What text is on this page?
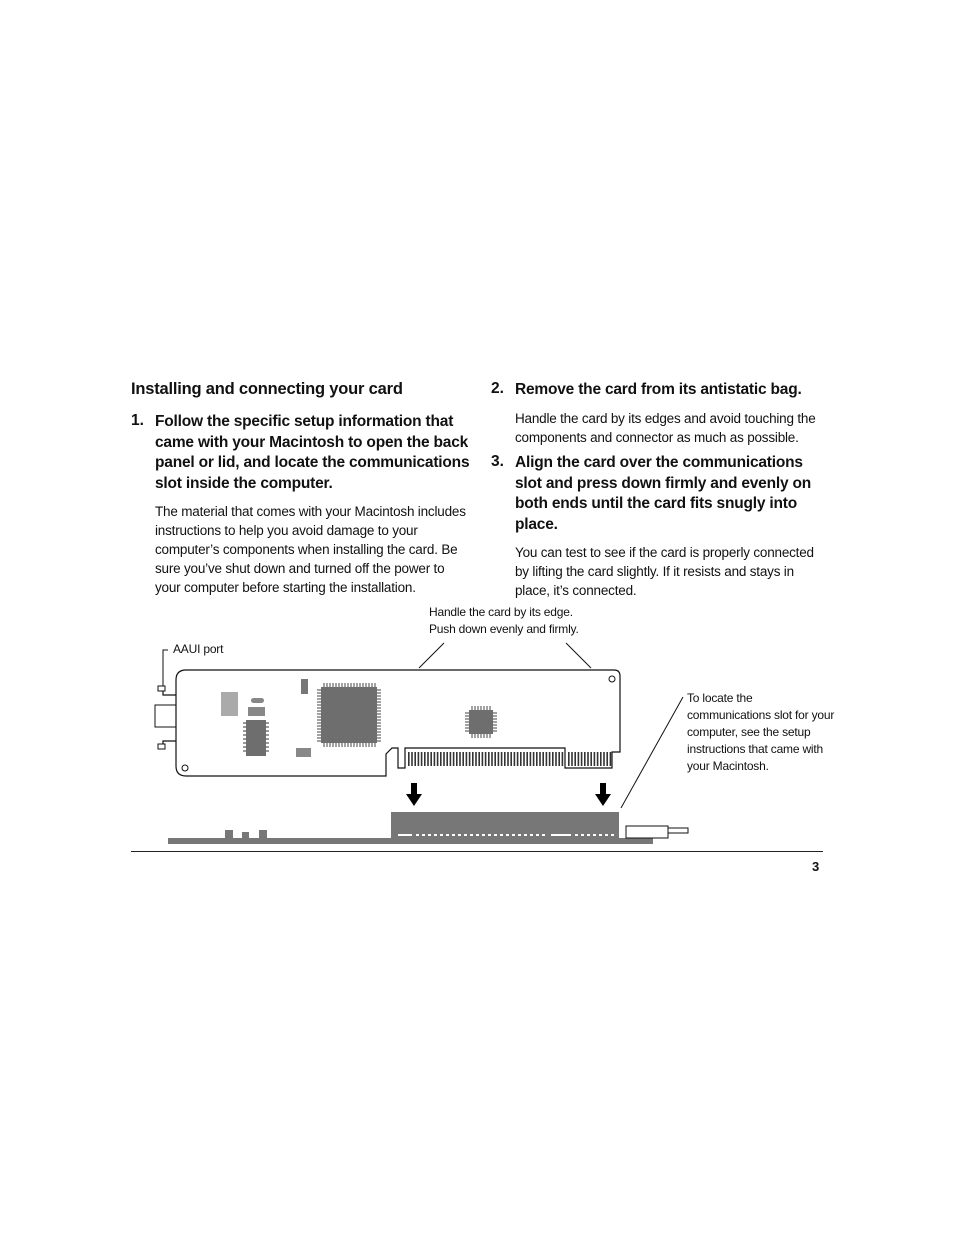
Installing and connecting your card
1. Follow the specific setup information that came with your Macintosh to open the back panel or lid, and locate the communications slot inside the computer.
The material that comes with your Macintosh includes instructions to help you avoid damage to your computer’s components when installing the card. Be sure you’ve shut down and turned off the power to your computer before starting the installation.
2. Remove the card from its antistatic bag.
Handle the card by its edges and avoid touching the components and connector as much as possible.
3. Align the card over the communications slot and press down firmly and evenly on both ends until the card fits snugly into place.
You can test to see if the card is properly connected by lifting the card slightly. If it resists and stays in place, it’s connected.
Handle the card by its edge.
Push down evenly and firmly.
AAUI port
To locate the communications slot for your computer, see the setup instructions that came with your Macintosh.
3
